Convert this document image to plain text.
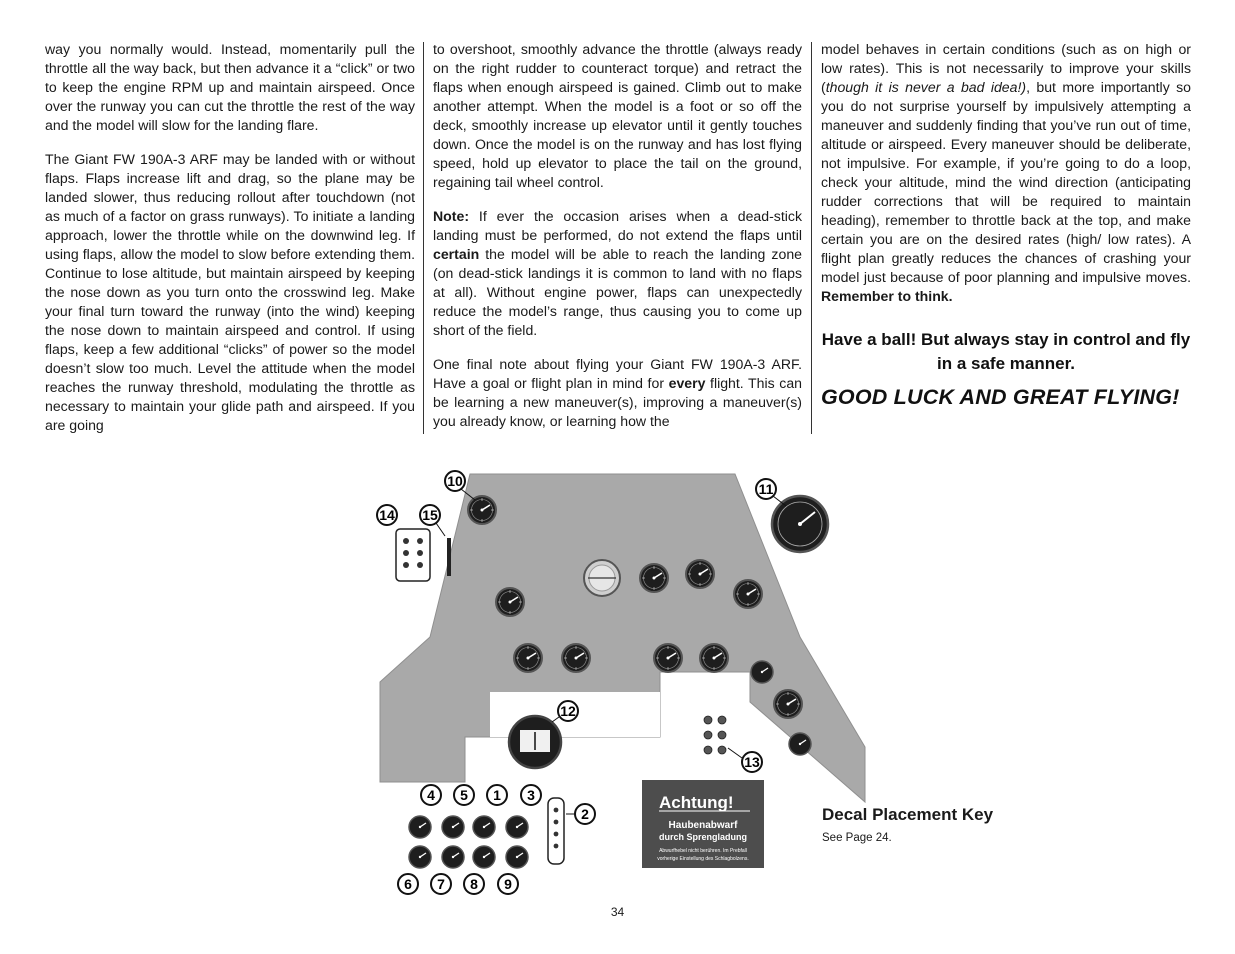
way you normally would. Instead, momentarily pull the throttle all the way back, but then advance it a “click” or two to keep the engine RPM up and maintain airspeed. Once over the runway you can cut the throttle the rest of the way and the model will slow for the landing flare.

The Giant FW 190A-3 ARF may be landed with or without flaps. Flaps increase lift and drag, so the plane may be landed slower, thus reducing rollout after touchdown (not as much of a factor on grass runways). To initiate a landing approach, lower the throttle while on the downwind leg. If using flaps, allow the model to slow before extending them. Continue to lose altitude, but maintain airspeed by keeping the nose down as you turn onto the crosswind leg. Make your final turn toward the runway (into the wind) keeping the nose down to maintain airspeed and control. If using flaps, keep a few additional “clicks” of power so the model doesn’t slow too much. Level the attitude when the model reaches the runway threshold, modulating the throttle as necessary to maintain your glide path and airspeed. If you are going

to overshoot, smoothly advance the throttle (always ready on the right rudder to counteract torque) and retract the flaps when enough airspeed is gained. Climb out to make another attempt. When the model is a foot or so off the deck, smoothly increase up elevator until it gently touches down. Once the model is on the runway and has lost flying speed, hold up elevator to place the tail on the ground, regaining tail wheel control.

Note: If ever the occasion arises when a dead-stick landing must be performed, do not extend the flaps until certain the model will be able to reach the landing zone (on dead-stick landings it is common to land with no flaps at all). Without engine power, flaps can unexpectedly reduce the model’s range, thus causing you to come up short of the field.

One final note about flying your Giant FW 190A-3 ARF. Have a goal or flight plan in mind for every flight. This can be learning a new maneuver(s), improving a maneuver(s) you already know, or learning how the

model behaves in certain conditions (such as on high or low rates). This is not necessarily to improve your skills (though it is never a bad idea!), but more importantly so you do not surprise yourself by impulsively attempting a maneuver and suddenly finding that you’ve run out of time, altitude or airspeed. Every maneuver should be deliberate, not impulsive. For example, if you’re going to do a loop, check your altitude, mind the wind direction (anticipating rudder corrections that will be required to maintain heading), remember to throttle back at the top, and make certain you are on the desired rates (high/ low rates). A flight plan greatly reduces the chances of crashing your model just because of poor planning and impulsive moves. Remember to think.

Have a ball! But always stay in control and fly in a safe manner.
GOOD LUCK AND GREAT FLYING!
Achtung!
Haubenabwarf
durch Sprengladung
Abwurfhebel nicht berühren. Im Prebfall
vorherige Einstellung des Schlagbolzens.
1
2
3
4 5
6 7 8 9
10	11
12
13
14 15
Decal Placement Key
See Page 24.
34
